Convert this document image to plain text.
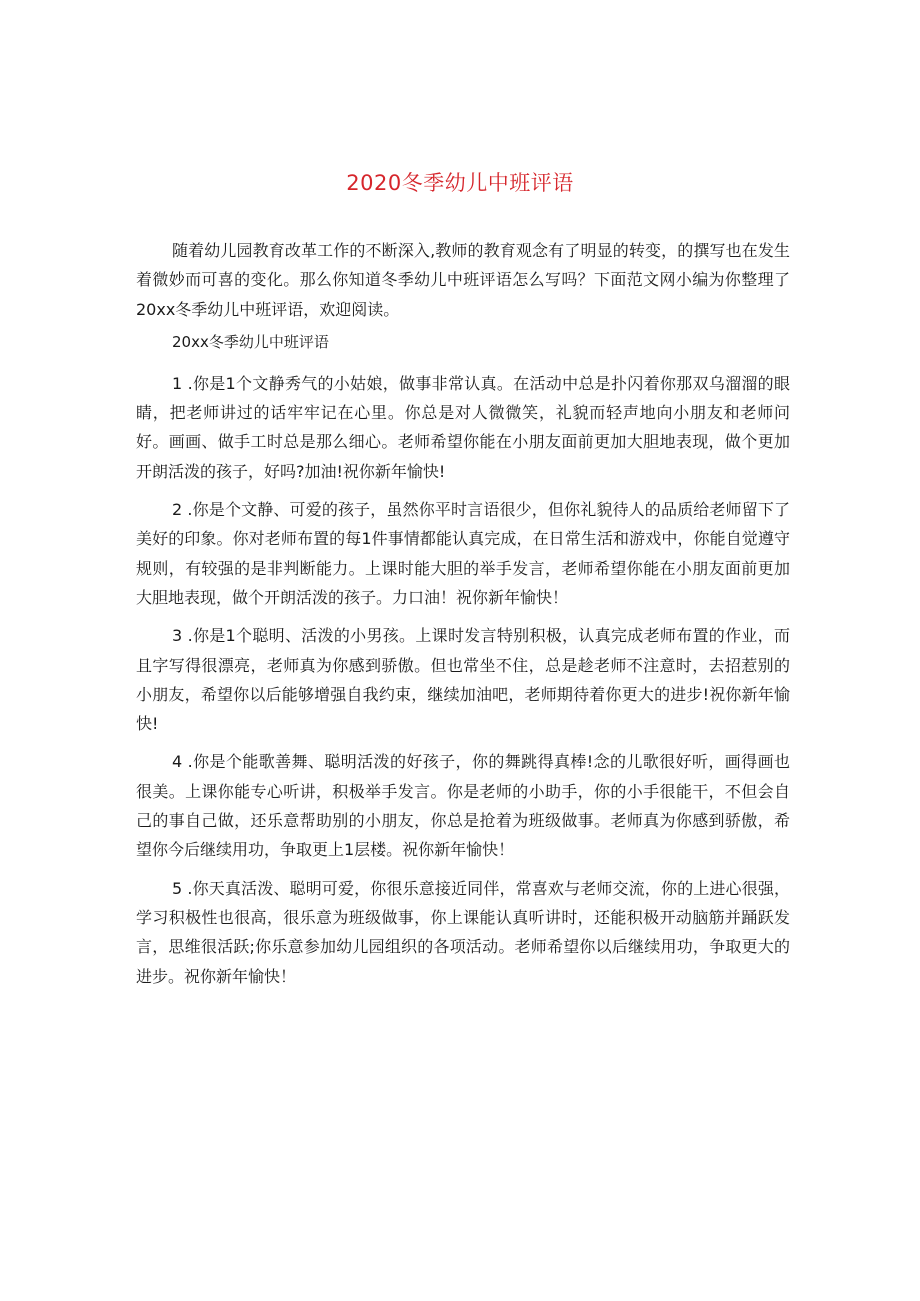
2020冬季幼儿中班评语

随着幼儿园教育改革工作的不断深入,教师的教育观念有了明显的转变，的撰写也在发生着微妙而可喜的变化。那么你知道冬季幼儿中班评语怎么写吗？下面范文网小编为你整理了20xx冬季幼儿中班评语，欢迎阅读。

20xx冬季幼儿中班评语

1 .你是1个文静秀气的小姑娘，做事非常认真。在活动中总是扑闪着你那双乌溜溜的眼睛，把老师讲过的话牢牢记在心里。你总是对人微微笑，礼貌而轻声地向小朋友和老师问好。画画、做手工时总是那么细心。老师希望你能在小朋友面前更加大胆地表现，做个更加开朗活泼的孩子，好吗?加油!祝你新年愉快!

2 .你是个文静、可爱的孩子，虽然你平时言语很少，但你礼貌待人的品质给老师留下了美好的印象。你对老师布置的每1件事情都能认真完成，在日常生活和游戏中，你能自觉遵守规则，有较强的是非判断能力。上课时能大胆的举手发言，老师希望你能在小朋友面前更加大胆地表现，做个开朗活泼的孩子。力口油！祝你新年愉快！

3 .你是1个聪明、活泼的小男孩。上课时发言特别积极，认真完成老师布置的作业，而且字写得很漂亮，老师真为你感到骄傲。但也常坐不住，总是趁老师不注意时，去招惹别的小朋友，希望你以后能够增强自我约束，继续加油吧，老师期待着你更大的进步!祝你新年愉快!

4 .你是个能歌善舞、聪明活泼的好孩子，你的舞跳得真棒!念的儿歌很好听，画得画也很美。上课你能专心听讲，积极举手发言。你是老师的小助手，你的小手很能干，不但会自己的事自己做，还乐意帮助别的小朋友，你总是抢着为班级做事。老师真为你感到骄傲，希望你今后继续用功，争取更上1层楼。祝你新年愉快！

5 .你天真活泼、聪明可爱，你很乐意接近同伴，常喜欢与老师交流，你的上进心很强，学习积极性也很高，很乐意为班级做事，你上课能认真听讲时，还能积极开动脑筋并踊跃发言，思维很活跃;你乐意参加幼儿园组织的各项活动。老师希望你以后继续用功，争取更大的进步。祝你新年愉快！
